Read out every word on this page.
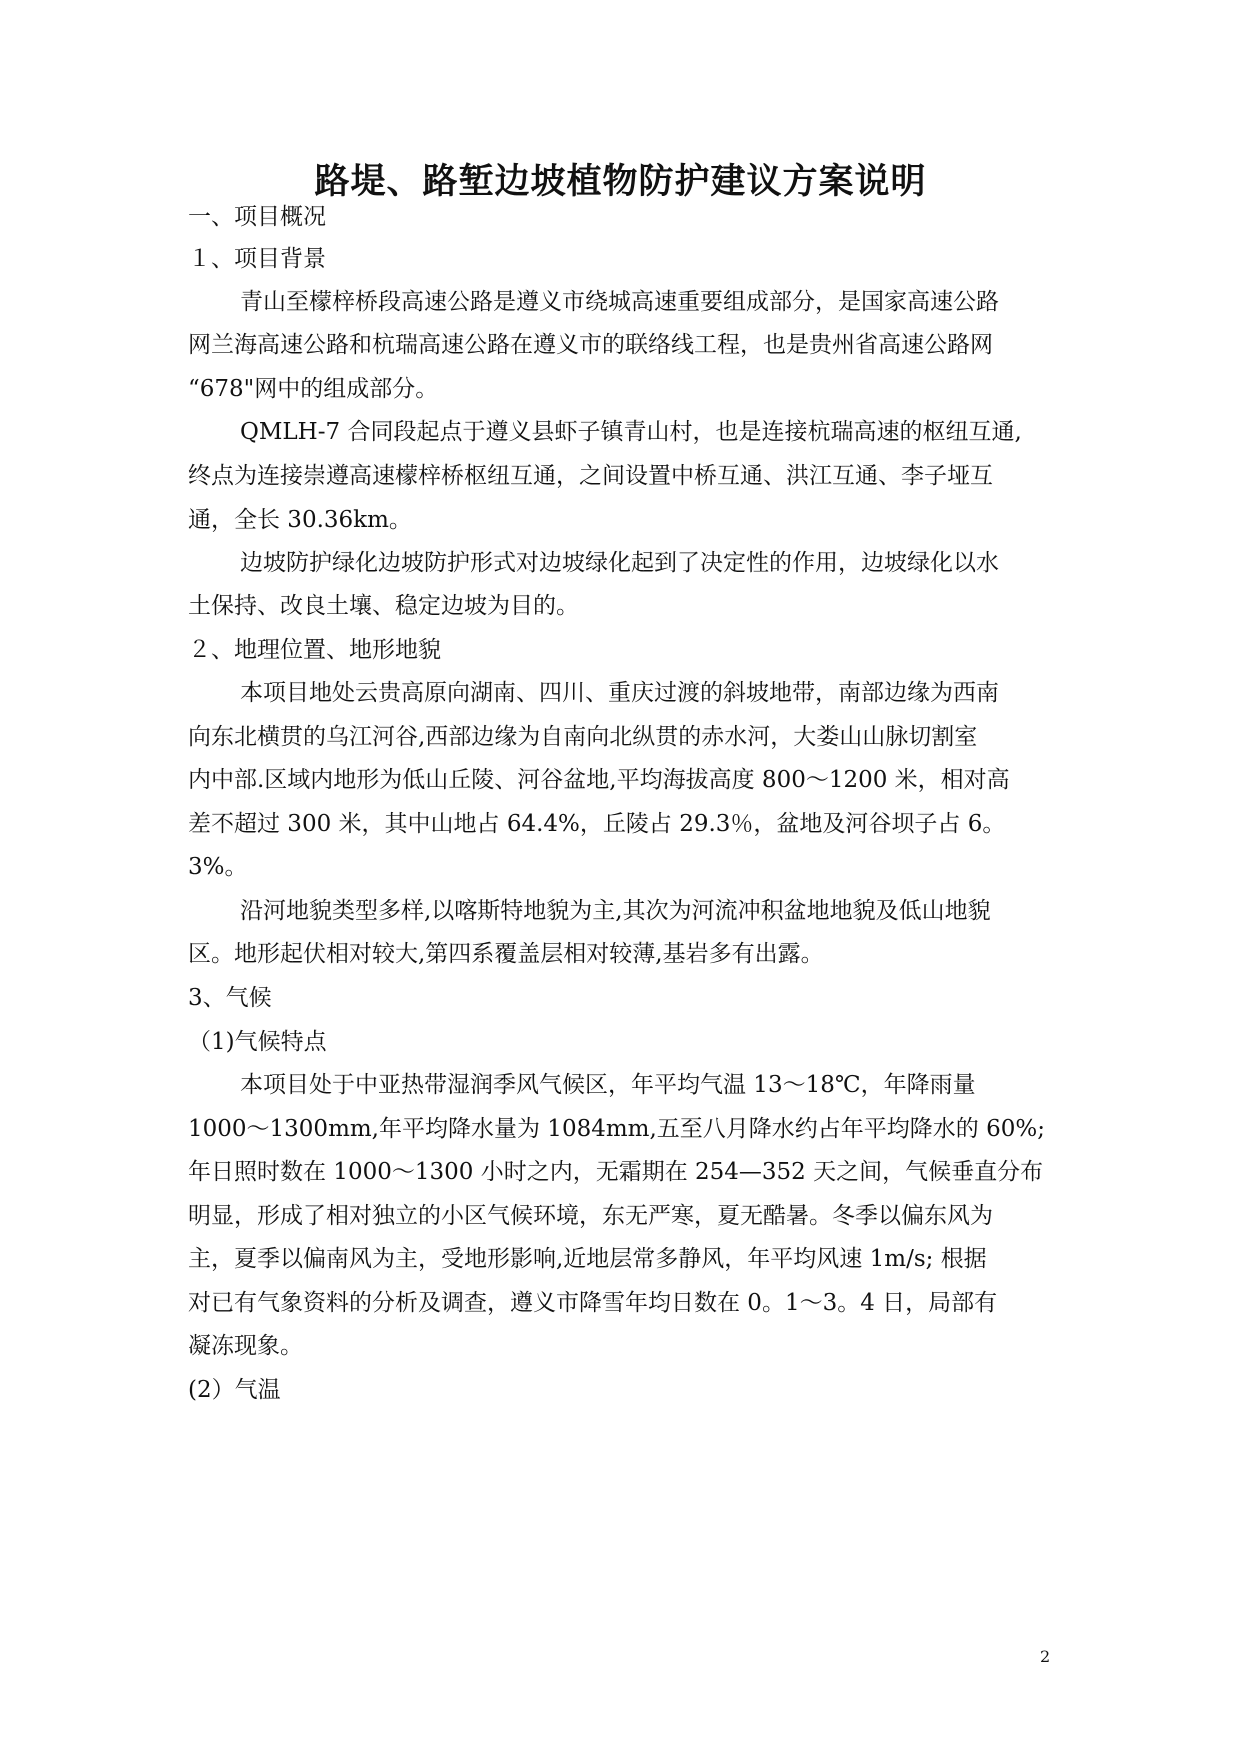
路堤、路堑边坡植物防护建议方案说明
一、项目概况
１、项目背景
青山至檬梓桥段高速公路是遵义市绕城高速重要组成部分，是国家高速公路
网兰海高速公路和杭瑞高速公路在遵义市的联络线工程，也是贵州省高速公路网
“678"网中的组成部分。
QMLH-7 合同段起点于遵义县虾子镇青山村，也是连接杭瑞高速的枢纽互通,
终点为连接崇遵高速檬梓桥枢纽互通，之间设置中桥互通、洪江互通、李子垭互
通，全长 30.36km。
边坡防护绿化边坡防护形式对边坡绿化起到了决定性的作用，边坡绿化以水
土保持、改良土壤、稳定边坡为目的。
２、地理位置、地形地貌
本项目地处云贵高原向湖南、四川、重庆过渡的斜坡地带，南部边缘为西南
向东北横贯的乌江河谷,西部边缘为自南向北纵贯的赤水河，大娄山山脉切割室
内中部.区域内地形为低山丘陵、河谷盆地,平均海拔高度 800～1200 米，相对高
差不超过 300 米，其中山地占 64.4%，丘陵占 29.3％，盆地及河谷坝子占 6。
3%。
沿河地貌类型多样,以喀斯特地貌为主,其次为河流冲积盆地地貌及低山地貌
区。地形起伏相对较大,第四系覆盖层相对较薄,基岩多有出露。
3、气候
（1)气候特点
本项目处于中亚热带湿润季风气候区，年平均气温 13～18℃，年降雨量
1000～1300mm,年平均降水量为 1084mm,五至八月降水约占年平均降水的 60%;
年日照时数在 1000～1300 小时之内，无霜期在 254—352 天之间，气候垂直分布
明显，形成了相对独立的小区气候环境，东无严寒，夏无酷暑。冬季以偏东风为
主，夏季以偏南风为主，受地形影响,近地层常多静风，年平均风速 1m/s; 根据
对已有气象资料的分析及调查，遵义市降雪年均日数在 0。1～3。4 日，局部有
凝冻现象。
(2）气温
2
